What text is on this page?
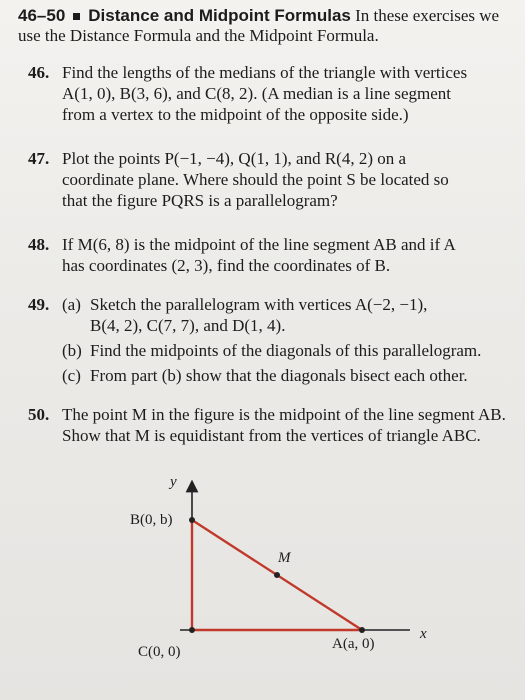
46–50 Distance and Midpoint Formulas In these exercises we
use the Distance Formula and the Midpoint Formula.
46. Find the lengths of the medians of the triangle with vertices
A(1, 0), B(3, 6), and C(8, 2). (A median is a line segment
from a vertex to the midpoint of the opposite side.)
47. Plot the points P(−1, −4), Q(1, 1), and R(4, 2) on a
coordinate plane. Where should the point S be located so
that the figure PQRS is a parallelogram?
48. If M(6, 8) is the midpoint of the line segment AB and if A
has coordinates (2, 3), find the coordinates of B.
49. (a) Sketch the parallelogram with vertices A(−2, −1),
B(4, 2), C(7, 7), and D(1, 4).
(b) Find the midpoints of the diagonals of this parallelogram.
(c) From part (b) show that the diagonals bisect each other.
50. The point M in the figure is the midpoint of the line segment AB.
Show that M is equidistant from the vertices of triangle ABC.
y
x
B(0, b)
M
A(a, 0)
C(0, 0)
